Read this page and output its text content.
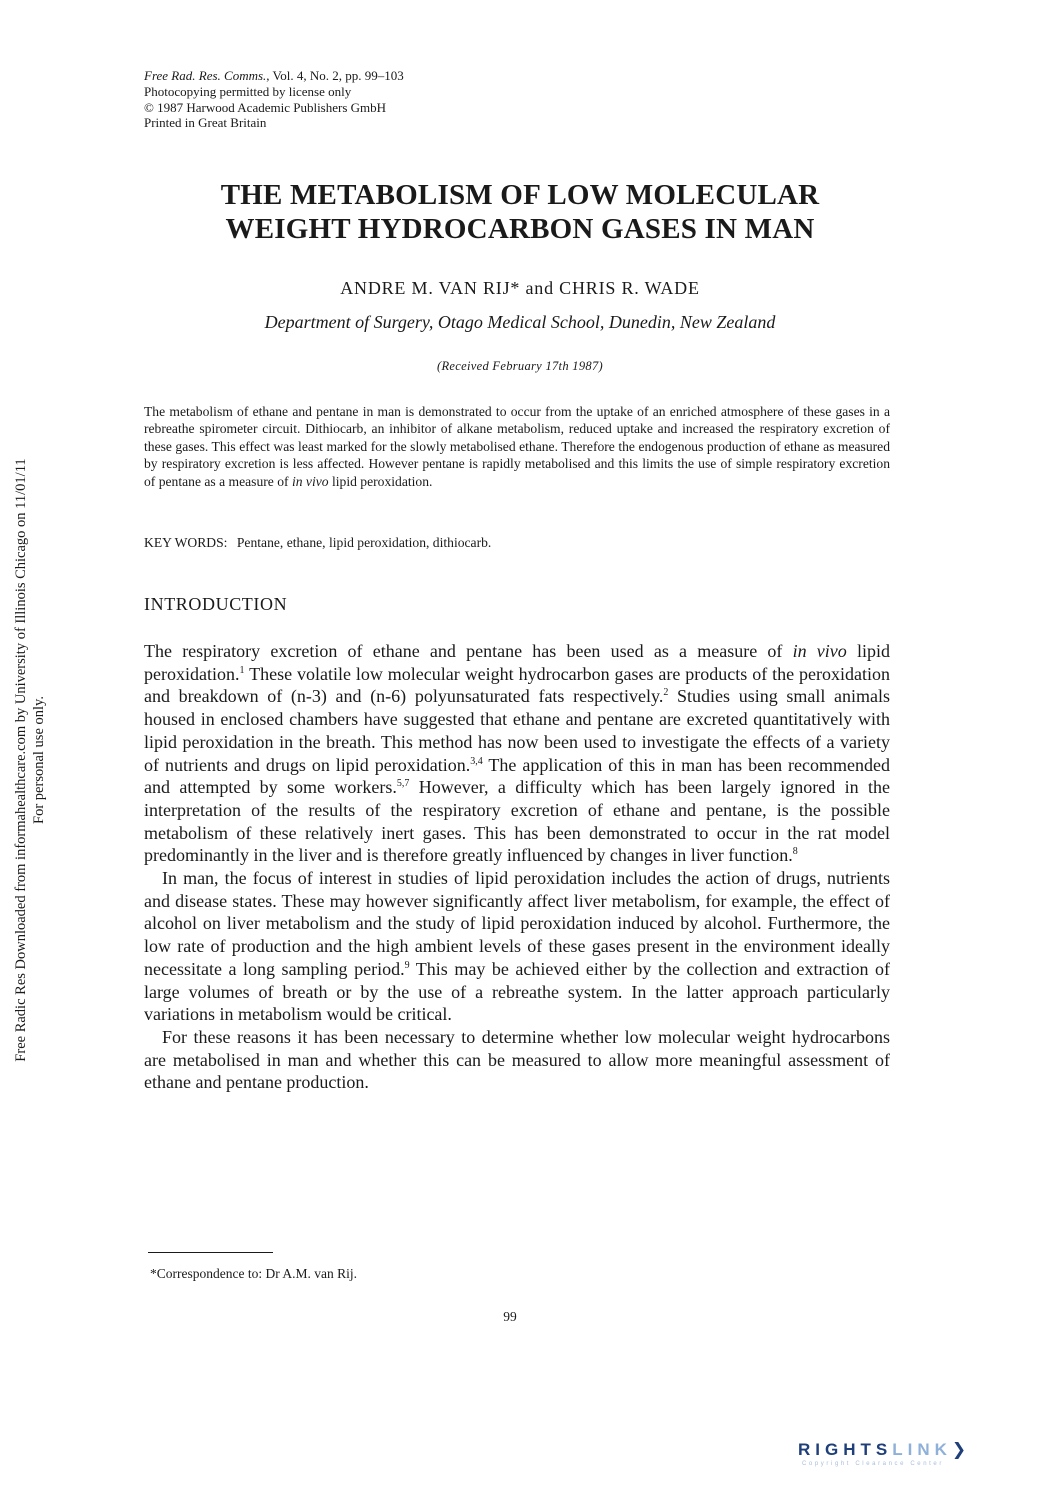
Free Radic Res Downloaded from informahealthcare.com by University of Illinois Chicago on 11/01/11 For personal use only.
Free Rad. Res. Comms., Vol. 4, No. 2, pp. 99–103
Photocopying permitted by license only
© 1987 Harwood Academic Publishers GmbH
Printed in Great Britain
THE METABOLISM OF LOW MOLECULAR
WEIGHT HYDROCARBON GASES IN MAN
ANDRE M. VAN RIJ* and CHRIS R. WADE
Department of Surgery, Otago Medical School, Dunedin, New Zealand
(Received February 17th 1987)

The metabolism of ethane and pentane in man is demonstrated to occur from the uptake of an enriched atmosphere of these gases in a rebreathe spirometer circuit. Dithiocarb, an inhibitor of alkane metabolism, reduced uptake and increased the respiratory excretion of these gases. This effect was least marked for the slowly metabolised ethane. Therefore the endogenous production of ethane as measured by respiratory excretion is less affected. However pentane is rapidly metabolised and this limits the use of simple respiratory excretion of pentane as a measure of in vivo lipid peroxidation.

KEY WORDS: Pentane, ethane, lipid peroxidation, dithiocarb.
INTRODUCTION

The respiratory excretion of ethane and pentane has been used as a measure of in vivo lipid peroxidation.$^1$ These volatile low molecular weight hydrocarbon gases are products of the peroxidation and breakdown of (n-3) and (n-6) polyunsaturated fats respectively.$^2$ Studies using small animals housed in enclosed chambers have suggested that ethane and pentane are excreted quantitatively with lipid peroxidation in the breath. This method has now been used to investigate the effects of a variety of nutrients and drugs on lipid peroxidation.$^{3,4}$ The application of this in man has been recommended and attempted by some workers.$^{5,7}$ However, a difficulty which has been largely ignored in the interpretation of the results of the respiratory excretion of ethane and pentane, is the possible metabolism of these relatively inert gases. This has been demonstrated to occur in the rat model predominantly in the liver and is therefore greatly influenced by changes in liver function.$^8$

In man, the focus of interest in studies of lipid peroxidation includes the action of drugs, nutrients and disease states. These may however significantly affect liver metabolism, for example, the effect of alcohol on liver metabolism and the study of lipid peroxidation induced by alcohol. Furthermore, the low rate of production and the high ambient levels of these gases present in the environment ideally necessitate a long sampling period.$^9$ This may be achieved either by the collection and extraction of large volumes of breath or by the use of a rebreathe system. In the latter approach particularly variations in metabolism would be critical.

For these reasons it has been necessary to determine whether low molecular weight hydrocarbons are metabolised in man and whether this can be measured to allow more meaningful assessment of ethane and pentane production.

*Correspondence to: Dr A.M. van Rij.
99
RIGHTSLINK❯
Copyright Clearance Center
